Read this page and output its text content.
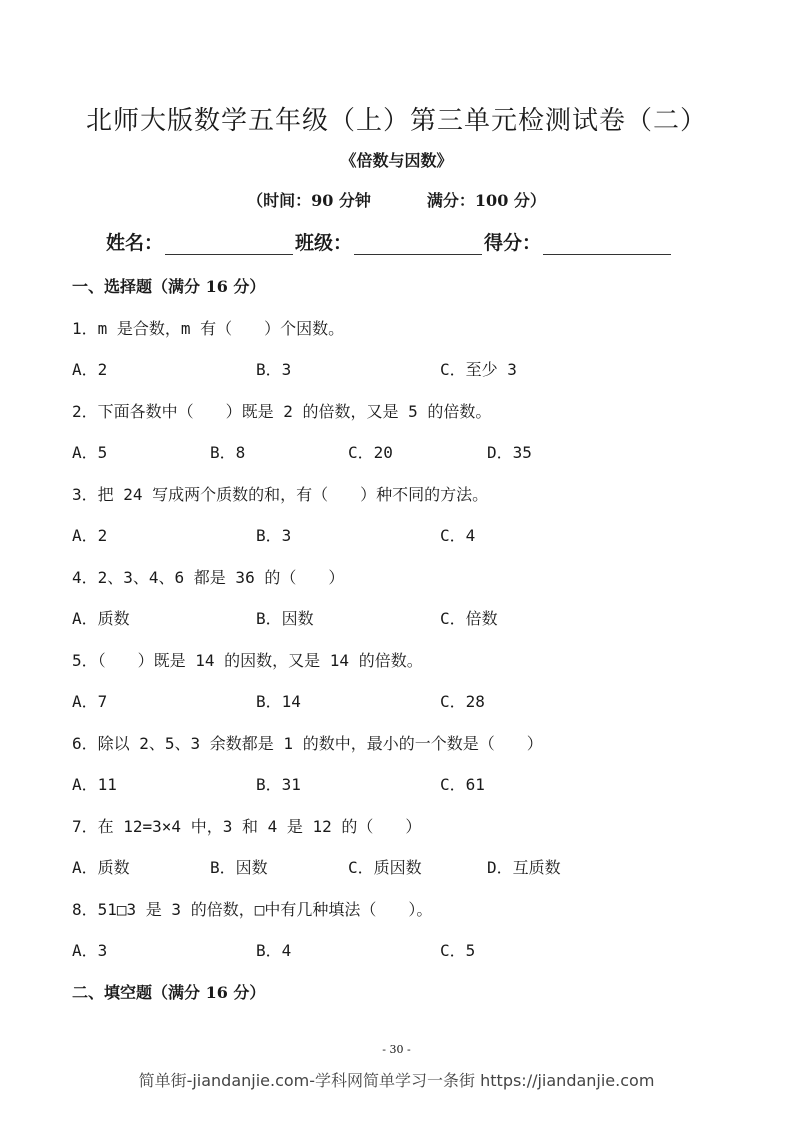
北师大版数学五年级（上）第三单元检测试卷（二）
《倍数与因数》
（时间：90 分钟	满分：100 分）
姓名：	班级：	得分：
一、选择题（满分 16 分）
1．m 是合数，m 有（　　）个因数。
A．2	B．3	C．至少 3
2．下面各数中（　　）既是 2 的倍数，又是 5 的倍数。
A．5	B．8	C．20	D．35
3．把 24 写成两个质数的和，有（　　）种不同的方法。
A．2	B．3	C．4
4．2、3、4、6 都是 36 的（　　）
A．质数	B．因数	C．倍数
5．（　　）既是 14 的因数，又是 14 的倍数。
A．7	B．14	C．28
6．除以 2、5、3 余数都是 1 的数中，最小的一个数是（　　）
A．11	B．31	C．61
7．在 12=3×4 中，3 和 4 是 12 的（　　）
A．质数	B．因数	C．质因数	D．互质数
8．51□3 是 3 的倍数，□中有几种填法（　　）。
A．3	B．4	C．5
二、填空题（满分 16 分）
- 30 -
简单街-jiandanjie.com-学科网简单学习一条街 https://jiandanjie.com
